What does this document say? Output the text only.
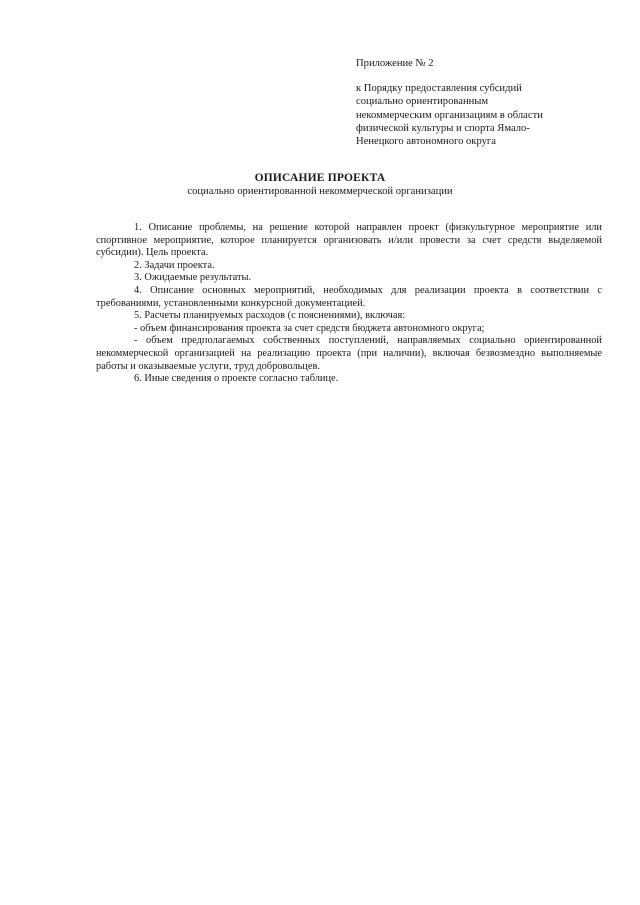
Приложение № 2
к Порядку предоставления субсидий
социально ориентированным
некоммерческим организациям в области
физической культуры и спорта Ямало-
Ненецкого автономного округа
ОПИСАНИЕ ПРОЕКТА
социально ориентированной некоммерческой организации

1. Описание проблемы, на решение которой направлен проект (физкультурное мероприятие или спортивное мероприятие, которое планируется организовать и/или провести за счет средств выделяемой субсидии). Цель проекта.

2. Задачи проекта.

3. Ожидаемые результаты.

4. Описание основных мероприятий, необходимых для реализации проекта в соответствии с требованиями, установленными конкурсной документацией.

5. Расчеты планируемых расходов (с пояснениями), включая:

- объем финансирования проекта за счет средств бюджета автономного округа;

- объем предполагаемых собственных поступлений, направляемых социально ориентированной некоммерческой организацией на реализацию проекта (при наличии), включая безвозмездно выполняемые работы и оказываемые услуги, труд добровольцев.

6. Иные сведения о проекте согласно таблице.
